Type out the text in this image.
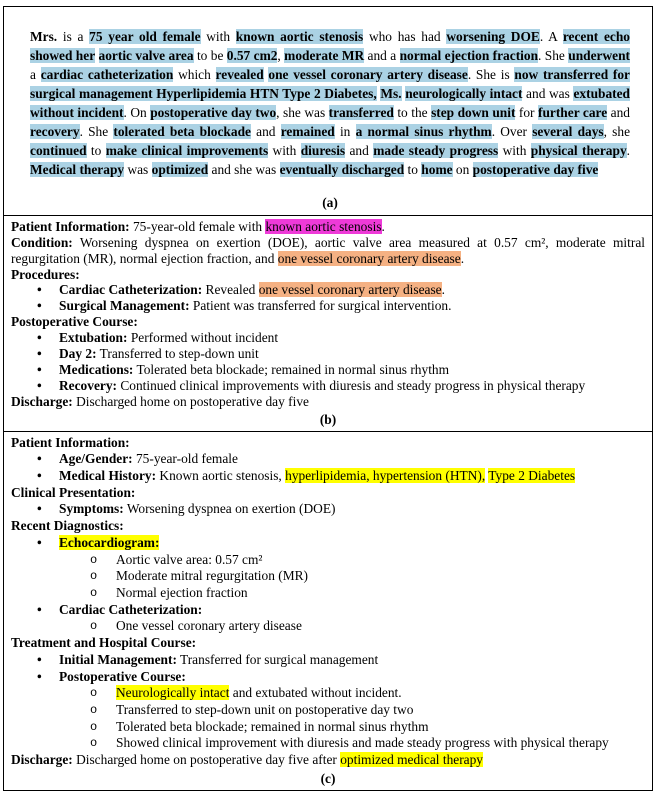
Mrs. is a 75 year old female with known aortic stenosis who has had worsening DOE. A recent echo showed her aortic valve area to be 0.57 cm2, moderate MR and a normal ejection fraction. She underwent a cardiac catheterization which revealed one vessel coronary artery disease. She is now transferred for surgical management Hyperlipidemia HTN Type 2 Diabetes, Ms. neurologically intact and was extubated without incident. On postoperative day two, she was transferred to the step down unit for further care and recovery. She tolerated beta blockade and remained in a normal sinus rhythm. Over several days, she continued to make clinical improvements with diuresis and made steady progress with physical therapy. Medical therapy was optimized and she was eventually discharged to home on postoperative day five

(a)
Patient Information: 75-year-old female with known aortic stenosis.
Condition: Worsening dyspnea on exertion (DOE), aortic valve area measured at 0.57 cm², moderate mitral regurgitation (MR), normal ejection fraction, and one vessel coronary artery disease.
Procedures:
• Cardiac Catheterization: Revealed one vessel coronary artery disease.
• Surgical Management: Patient was transferred for surgical intervention.
Postoperative Course:
• Extubation: Performed without incident
• Day 2: Transferred to step-down unit
• Medications: Tolerated beta blockade; remained in normal sinus rhythm
• Recovery: Continued clinical improvements with diuresis and steady progress in physical therapy
Discharge: Discharged home on postoperative day five
(b)
Patient Information:
• Age/Gender: 75-year-old female
• Medical History: Known aortic stenosis, hyperlipidemia, hypertension (HTN), Type 2 Diabetes
Clinical Presentation:
• Symptoms: Worsening dyspnea on exertion (DOE)
Recent Diagnostics:
• Echocardiogram:
o Aortic valve area: 0.57 cm²
o Moderate mitral regurgitation (MR)
o Normal ejection fraction
• Cardiac Catheterization:
o One vessel coronary artery disease
Treatment and Hospital Course:
• Initial Management: Transferred for surgical management
• Postoperative Course:
o Neurologically intact and extubated without incident.
o Transferred to step-down unit on postoperative day two
o Tolerated beta blockade; remained in normal sinus rhythm
o Showed clinical improvement with diuresis and made steady progress with physical therapy
Discharge: Discharged home on postoperative day five after optimized medical therapy
(c)
